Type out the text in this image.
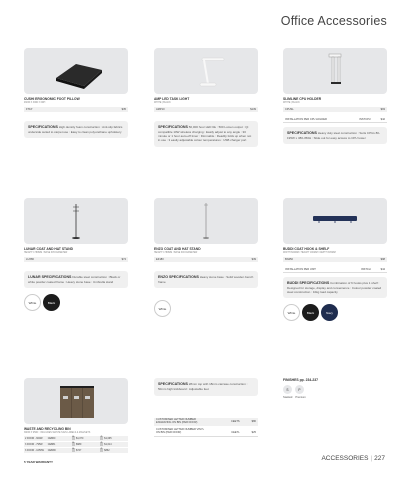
Office Accessories
CUSHI ERGONOMIC FOOT PILLOW
460W X 300D X 90H
FT1P	$35
SPECIFICATIONS High density foam construction : Anti-slip fabrics underside suited to carpet use : Easy to clean polyurethane upholstery
AMP LED TASK LIGHT
WHITE | BLACK
AMP10	$139
SPECIFICATIONS 50,000 hour LED life : 500 Lumen output : Qi compatible 10W wireless charging : Easily adjust to any angle : 30 minute or 1 hour auto-off timer : Dimmable : Readily folds up when not in use : 3 easily adjustable colour temperatures : USB charger port
SLIMLINE CPU HOLDER
WHITE | BLACK
CPUSL	$93
INSTALLATION PER CPU HOLDER	INSTCPU	$42
SPECIFICATIONS Heavy duty steel construction : Suits CPUs 80-195W x 380-350H : Slide out for easy access to CPU tower
LUNAR COAT AND HAT STAND
HEIGHT 1780MM / BASE 305 DIAMETER
LUX80	$74
LUNAR SPECIFICATIONS Durable steel construction : Black or white powder coated frame : Heavy stone base : Umbrella stand
White	Black
ENZO COAT AND HAT STAND
HEIGHT 1780MM / BASE 300 DIAMETER
EZ180	$39
ENZO SPECIFICATIONS Heavy stone base : Solid wooden bench frame
White
BUDDI COAT HOOK & SHELF
WIDTH 600MM / HEIGHT 180MM / DEPTH 305MM
BN450	$98
INSTALLATION PER UNIT	INSTCH	$44
BUDDI SPECIFICATIONS Combination of 6 hooks plus 1 shelf : Designed for storage, display and convenience : Colour powder coated steel construction : 10kg load capacity
White	Black	Navy
WASTE AND RECYCLING BIN
390W X 950D : INCLUDES WASTE SIGN LABELS & MAGNETS
2 DOOR - 600W	CEB60	B $1,070	P $1,095
3 DOOR - 795W	CEB81	B $989	P $1,014
3 DOOR - 1050W	CEB3D	B $747	P $862
SPECIFICATIONS 28mm top with 18mm carcase construction : 50mm high kickboard : Adjustable feet
CUSTOMISED LETTER NUMBER ENGRAVING ON BIN (PER DOOR)	CEETS	$80
CUSTOMISED LETTER NUMBER VINYL ON BIN (PER DOOR)	CEETL	$25
FINISHES pp. 234-237
S	P
Stacked Premium
5 YEAR WARRANTY	ACCESSORIES | 227
